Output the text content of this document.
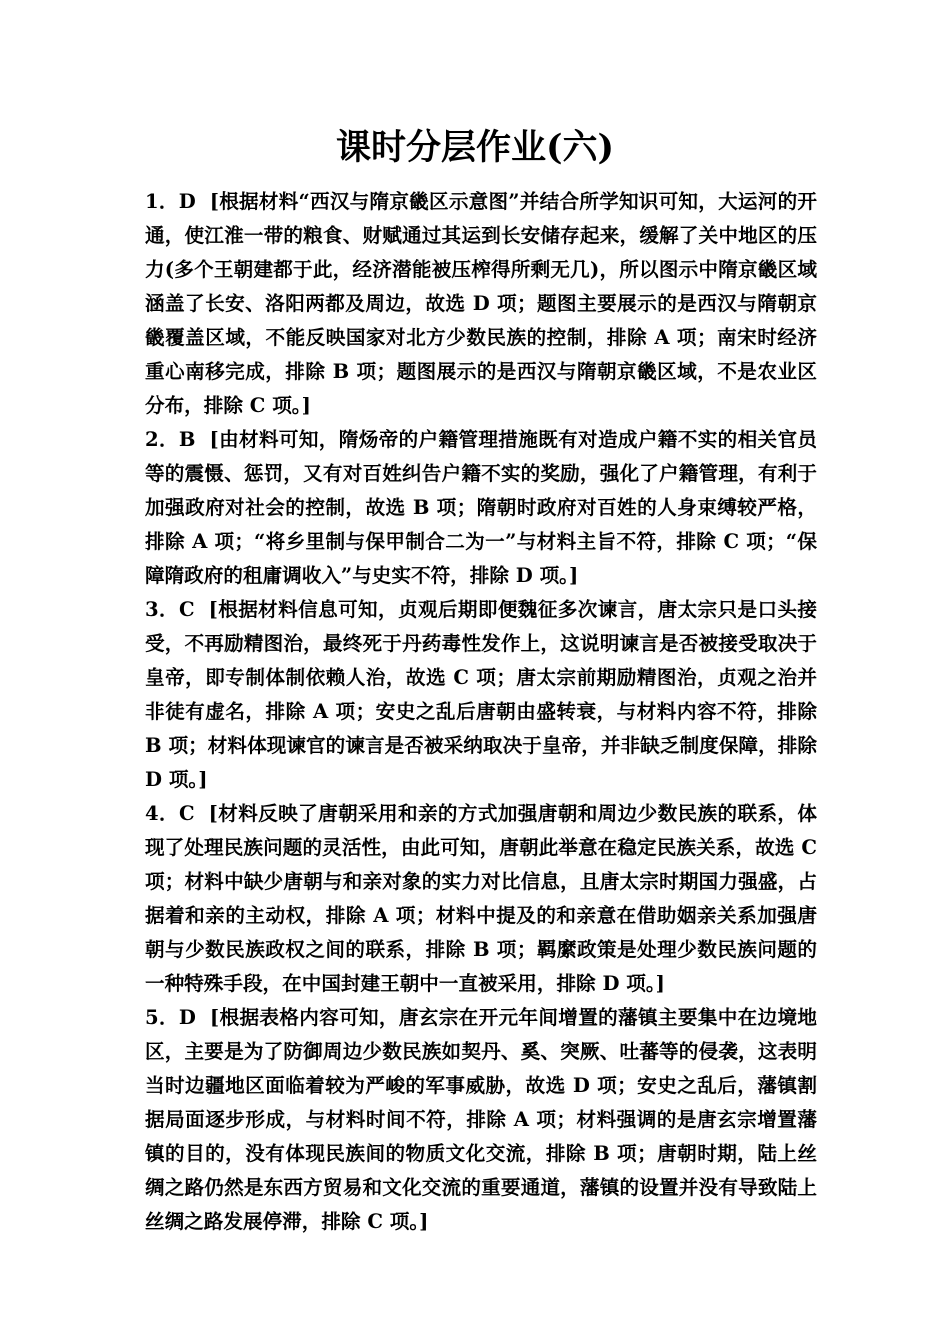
课时分层作业(六)

1．D [根据材料“西汉与隋京畿区示意图”并结合所学知识可知，大运河的开通，使江淮一带的粮食、财赋通过其运到长安储存起来，缓解了关中地区的压力(多个王朝建都于此，经济潜能被压榨得所剩无几)，所以图示中隋京畿区域涵盖了长安、洛阳两都及周边，故选 D 项；题图主要展示的是西汉与隋朝京畿覆盖区域，不能反映国家对北方少数民族的控制，排除 A 项；南宋时经济重心南移完成，排除 B 项；题图展示的是西汉与隋朝京畿区域，不是农业区分布，排除 C 项。]

2．B [由材料可知，隋炀帝的户籍管理措施既有对造成户籍不实的相关官员等的震慑、惩罚，又有对百姓纠告户籍不实的奖励，强化了户籍管理，有利于加强政府对社会的控制，故选 B 项；隋朝时政府对百姓的人身束缚较严格，排除 A 项；“将乡里制与保甲制合二为一”与材料主旨不符，排除 C 项；“保障隋政府的租庸调收入”与史实不符，排除 D 项。]

3．C [根据材料信息可知，贞观后期即便魏征多次谏言，唐太宗只是口头接受，不再励精图治，最终死于丹药毒性发作上，这说明谏言是否被接受取决于皇帝，即专制体制依赖人治，故选 C 项；唐太宗前期励精图治，贞观之治并非徒有虚名，排除 A 项；安史之乱后唐朝由盛转衰，与材料内容不符，排除 B 项；材料体现谏官的谏言是否被采纳取决于皇帝，并非缺乏制度保障，排除 D 项。]

4．C [材料反映了唐朝采用和亲的方式加强唐朝和周边少数民族的联系，体现了处理民族问题的灵活性，由此可知，唐朝此举意在稳定民族关系，故选 C 项；材料中缺少唐朝与和亲对象的实力对比信息，且唐太宗时期国力强盛，占据着和亲的主动权，排除 A 项；材料中提及的和亲意在借助姻亲关系加强唐朝与少数民族政权之间的联系，排除 B 项；羁縻政策是处理少数民族问题的一种特殊手段，在中国封建王朝中一直被采用，排除 D 项。]

5．D [根据表格内容可知，唐玄宗在开元年间增置的藩镇主要集中在边境地区，主要是为了防御周边少数民族如契丹、奚、突厥、吐蕃等的侵袭，这表明当时边疆地区面临着较为严峻的军事威胁，故选 D 项；安史之乱后，藩镇割据局面逐步形成，与材料时间不符，排除 A 项；材料强调的是唐玄宗增置藩镇的目的，没有体现民族间的物质文化交流，排除 B 项；唐朝时期，陆上丝绸之路仍然是东西方贸易和文化交流的重要通道，藩镇的设置并没有导致陆上丝绸之路发展停滞，排除 C 项。]
